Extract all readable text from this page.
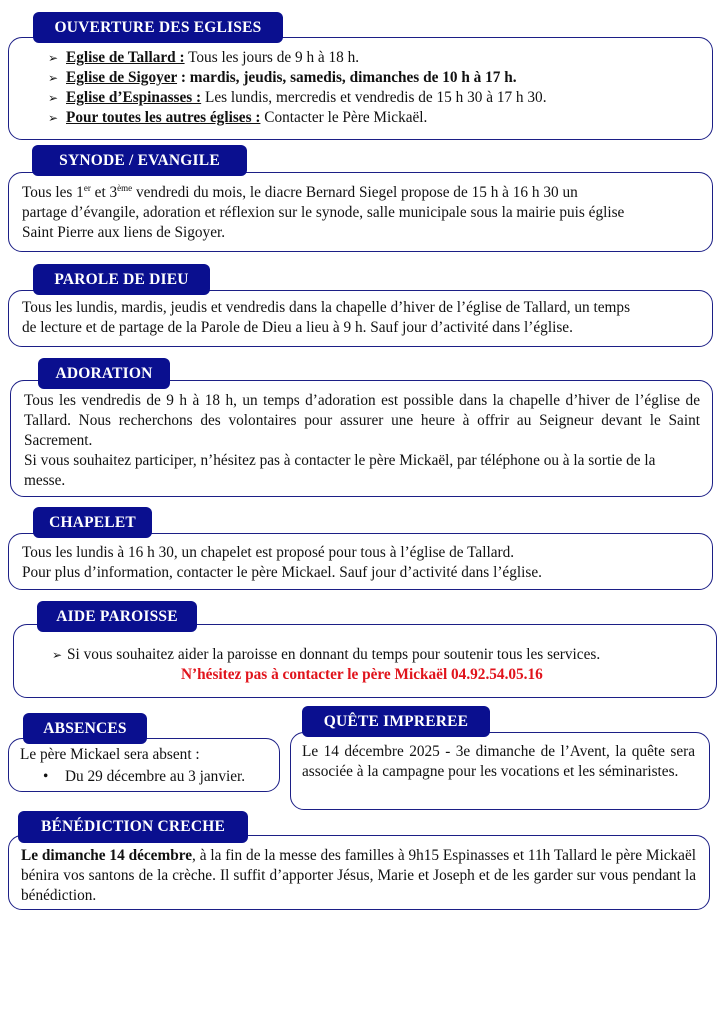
OUVERTURE DES EGLISES
➢ Eglise de Tallard : Tous les jours de 9 h à 18 h.
➢ Eglise de Sigoyer : mardis, jeudis, samedis, dimanches de 10 h à 17 h.
➢ Eglise d’Espinasses : Les lundis, mercredis et vendredis de 15 h 30 à 17 h 30.
➢ Pour toutes les autres églises : Contacter le Père Mickaël.
SYNODE / EVANGILE
Tous les 1er et 3ème vendredi du mois, le diacre Bernard Siegel propose de 15 h à 16 h 30 un
partage d’évangile, adoration et réflexion sur le synode, salle municipale sous la mairie puis église
Saint Pierre aux liens de Sigoyer.
PAROLE DE DIEU
Tous les lundis, mardis, jeudis et vendredis dans la chapelle d’hiver de l’église de Tallard, un temps
de lecture et de partage de la Parole de Dieu a lieu à 9 h. Sauf jour d’activité dans l’église.
ADORATION
Tous les vendredis de 9 h à 18 h, un temps d’adoration est possible dans la chapelle d’hiver de l’église de Tallard. Nous recherchons des volontaires pour assurer une heure à offrir au Seigneur devant le Saint Sacrement.
Si vous souhaitez participer, n’hésitez pas à contacter le père Mickaël, par téléphone ou à la sortie de la messe.
CHAPELET
Tous les lundis à 16 h 30, un chapelet est proposé pour tous à l’église de Tallard.
Pour plus d’information, contacter le père Mickael. Sauf jour d’activité dans l’église.
AIDE PAROISSE
➢ Si vous souhaitez aider la paroisse en donnant du temps pour soutenir tous les services.
N’hésitez pas à contacter le père Mickaël 04.92.54.05.16
ABSENCES
Le père Mickael sera absent :
• Du 29 décembre au 3 janvier.
QUÊTE IMPREREE
Le 14 décembre 2025 - 3e dimanche de l’Avent, la quête sera associée à la campagne pour les vocations et les séminaristes.
BÉNÉDICTION CRECHE
Le dimanche 14 décembre, à la fin de la messe des familles à 9h15 Espinasses et 11h Tallard le père Mickaël bénira vos santons de la crèche. Il suffit d’apporter Jésus, Marie et Joseph et de les garder sur vous pendant la bénédiction.
